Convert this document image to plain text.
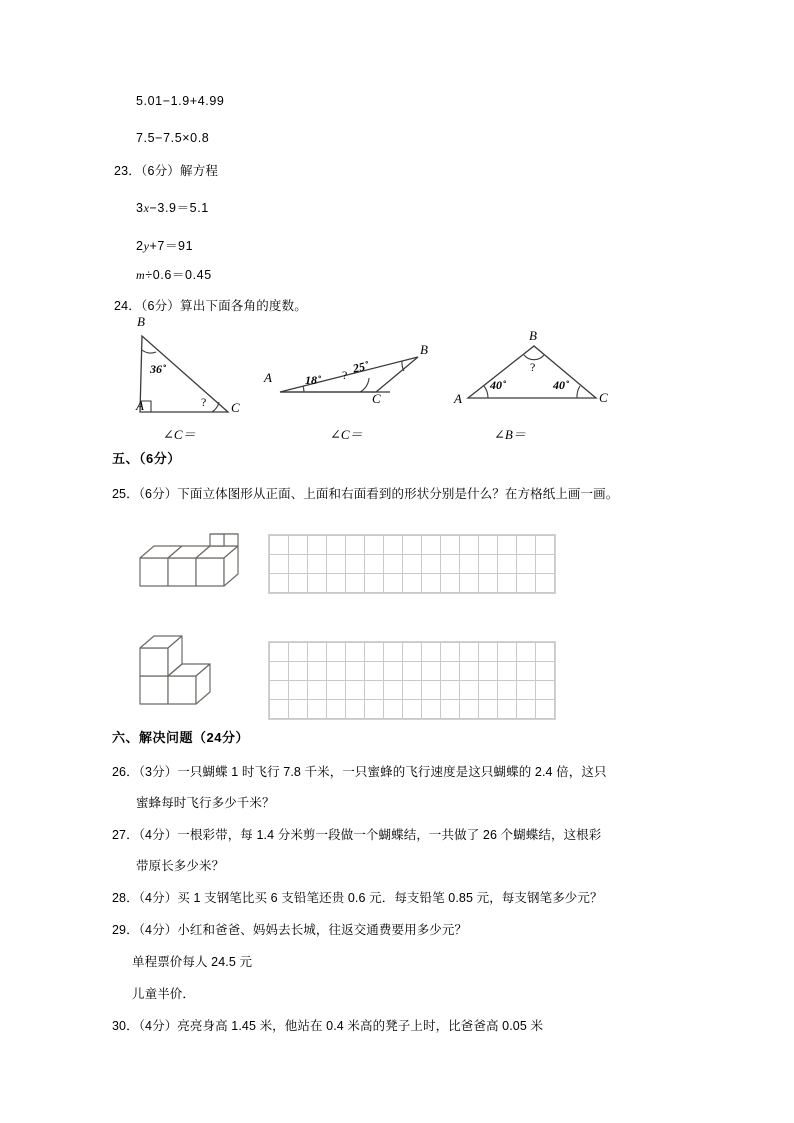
5.01−1.9+4.99
7.5−7.5×0.8
23．（6分）解方程
3x−3.9＝5.1
2y+7＝91
m÷0.6＝0.45
24．（6分）算出下面各角的度数。
A
B
C
36˚
?
∠C＝
A
B
C
18˚
25˚
?
∠C＝
A
B
C
40˚	40˚
?
∠B＝
五、（6分）
25．（6分）下面立体图形从正面、上面和右面看到的形状分别是什么？在方格纸上画一画。

六、解决问题（24分）
26．（3分）一只蝴蝶 1 时飞行 7.8 千米，一只蜜蜂的飞行速度是这只蝴蝶的 2.4 倍，这只
蜜蜂每时飞行多少千米？
27．（4分）一根彩带，每 1.4 分米剪一段做一个蝴蝶结，一共做了 26 个蝴蝶结，这根彩
带原长多少米？
28．（4分）买 1 支钢笔比买 6 支铅笔还贵 0.6 元．每支铅笔 0.85 元，每支钢笔多少元？
29．（4分）小红和爸爸、妈妈去长城，往返交通费要用多少元？
单程票价每人 24.5 元
儿童半价．
30．（4分）亮亮身高 1.45 米，他站在 0.4 米高的凳子上时，比爸爸高 0.05 米
